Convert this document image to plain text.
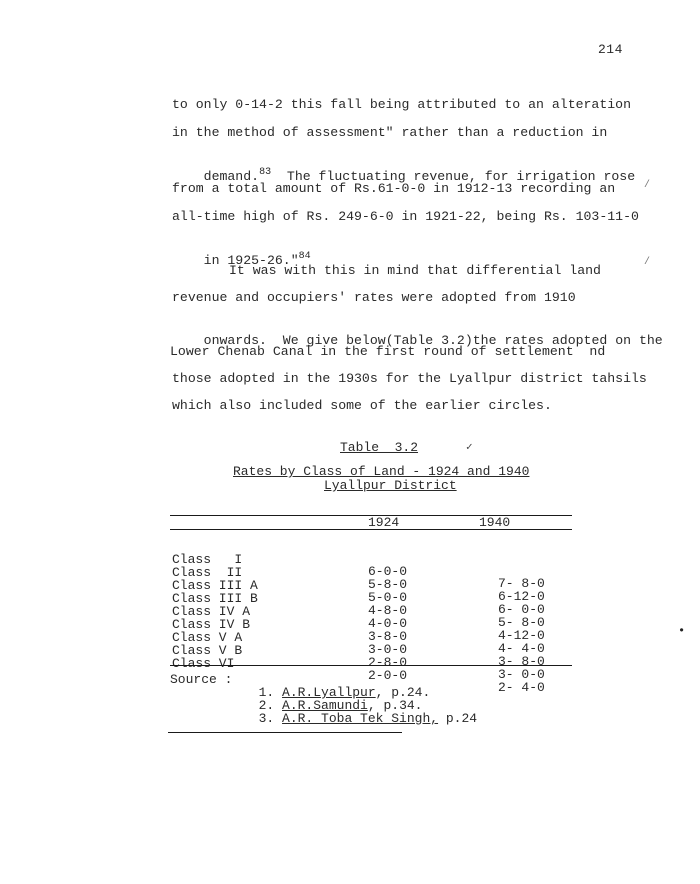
214
to only 0-14-2 this fall being attributed to an alteration
in the method of assessment" rather than a reduction in

demand.$^{83}$ The fluctuating revenue, for irrigation rose

from a total amount of Rs.61-0-0 in 1912-13 recording an
all-time high of Rs. 249-6-0 in 1921-22, being Rs. 103-11-0

in 1925-26."$^{84}$

It was with this in mind that differential land
revenue and occupiers' rates were adopted from 1910

onwards.  We give below(Table 3.2)the rates adopted on the

Lower Chenab Canal in the first round of settlement  nd
those adopted in the 1930s for the Lyallpur district tahsils
which also included some of the earlier circles.
Table  3.2	✓
Rates by Class of Land - 1924 and 1940
Lyallpur District
1924	1940

Class   I

6-0-0

7- 8-0

Class  II

5-8-0

6-12-0

Class III A

5-0-0

6- 0-0

Class III B

4-8-0

5- 8-0

Class IV A

4-0-0

4-12-0

Class IV B

3-8-0

4- 4-0

Class V A

3-0-0

3- 8-0

Class V B

2-8-0

3- 0-0

Class VI

2-0-0

2- 4-0

Source :

1. A.R.Lyallpur, p.24.

2. A.R.Samundi, p.34.

3. A.R. Toba Tek Singh, p.24

/
/
•
